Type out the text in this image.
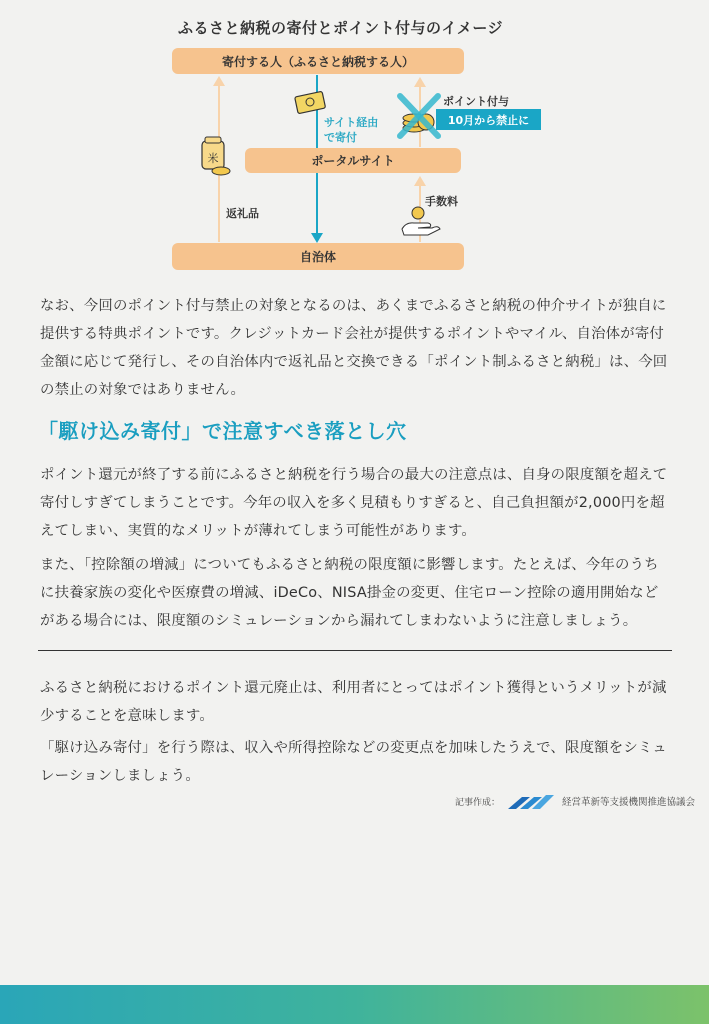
ふるさと納税の寄付とポイント付与のイメージ
米
寄付する人（ふるさと納税する人）
ポータルサイト
自治体
サイト経由
で寄付
ポイント付与
10月から禁止に
手数料
返礼品

なお、今回のポイント付与禁止の対象となるのは、あくまでふるさと納税の仲介サイトが独自に提供する特典ポイントです。クレジットカード会社が提供するポイントやマイル、自治体が寄付金額に応じて発行し、その自治体内で返礼品と交換できる「ポイント制ふるさと納税」は、今回の禁止の対象ではありません。

「駆け込み寄付」で注意すべき落とし穴

ポイント還元が終了する前にふるさと納税を行う場合の最大の注意点は、自身の限度額を超えて寄付しすぎてしまうことです。今年の収入を多く見積もりすぎると、自己負担額が2,000円を超えてしまい、実質的なメリットが薄れてしまう可能性があります。

また、「控除額の増減」についてもふるさと納税の限度額に影響します。たとえば、今年のうちに扶養家族の変化や医療費の増減、iDeCo、NISA掛金の変更、住宅ローン控除の適用開始などがある場合には、限度額のシミュレーションから漏れてしまわないように注意しましょう。

ふるさと納税におけるポイント還元廃止は、利用者にとってはポイント獲得というメリットが減少することを意味します。

「駆け込み寄付」を行う際は、収入や所得控除などの変更点を加味したうえで、限度額をシミュレーションしましょう。

記事作成：	経営革新等支援機関推進協議会
